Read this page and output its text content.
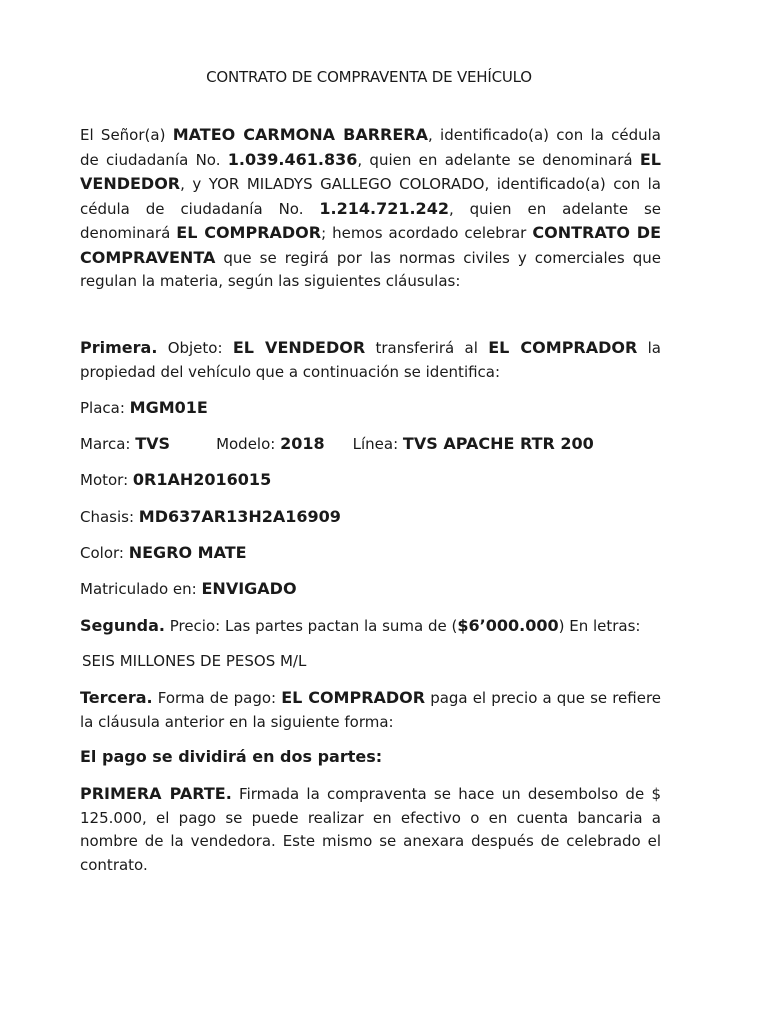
CONTRATO DE COMPRAVENTA DE VEHÍCULO

El Señor(a) MATEO CARMONA BARRERA, identificado(a) con la cédula de ciudadanía No. 1.039.461.836, quien en adelante se denominará EL VENDEDOR, y YOR MILADYS GALLEGO COLORADO, identificado(a) con la cédula de ciudadanía No. 1.214.721.242, quien en adelante se denominará EL COMPRADOR; hemos acordado celebrar CONTRATO DE COMPRAVENTA que se regirá por las normas civiles y comerciales que regulan la materia, según las siguientes cláusulas:

Primera. Objeto: EL VENDEDOR transferirá al EL COMPRADOR la propiedad del vehículo que a continuación se identifica:

Placa: MGM01E

Marca: TVS	Modelo: 2018 Línea: TVS APACHE RTR 200

Motor: 0R1AH2016015

Chasis: MD637AR13H2A16909

Color: NEGRO MATE

Matriculado en: ENVIGADO

Segunda. Precio: Las partes pactan la suma de ($6’000.000) En letras:

SEIS MILLONES DE PESOS M/L

Tercera. Forma de pago: EL COMPRADOR paga el precio a que se refiere la cláusula anterior en la siguiente forma:

El pago se dividirá en dos partes:

PRIMERA PARTE. Firmada la compraventa se hace un desembolso de $ 125.000, el pago se puede realizar en efectivo o en cuenta bancaria a nombre de la vendedora. Este mismo se anexara después de celebrado el contrato.
